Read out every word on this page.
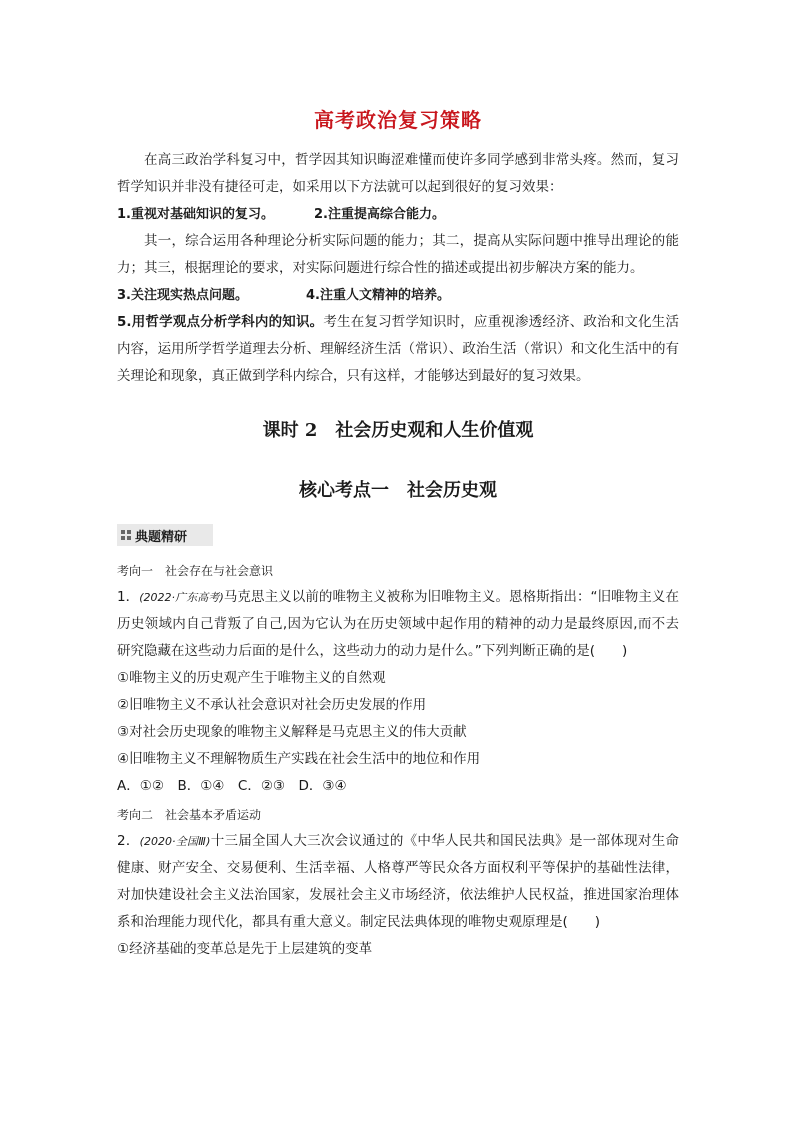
高考政治复习策略

在高三政治学科复习中，哲学因其知识晦涩难懂而使许多同学感到非常头疼。然而，复习哲学知识并非没有捷径可走，如采用以下方法就可以起到很好的复习效果：

1.重视对基础知识的复习。	2.注重提高综合能力。

其一，综合运用各种理论分析实际问题的能力；其二，提高从实际问题中推导出理论的能力；其三，根据理论的要求，对实际问题进行综合性的描述或提出初步解决方案的能力。

3.关注现实热点问题。	4.注重人文精神的培养。

5.用哲学观点分析学科内的知识。考生在复习哲学知识时，应重视渗透经济、政治和文化生活内容，运用所学哲学道理去分析、理解经济生活（常识）、政治生活（常识）和文化生活中的有关理论和现象，真正做到学科内综合，只有这样，才能够达到最好的复习效果。

课时 2　社会历史观和人生价值观
核心考点一　社会历史观
典题精研
考向一　社会存在与社会意识

1．(2022·广东高考)马克思主义以前的唯物主义被称为旧唯物主义。恩格斯指出：“旧唯物主义在历史领域内自己背叛了自己,因为它认为在历史领域中起作用的精神的动力是最终原因,而不去研究隐藏在这些动力后面的是什么，这些动力的动力是什么。”下列判断正确的是(　　)

①唯物主义的历史观产生于唯物主义的自然观

②旧唯物主义不承认社会意识对社会历史发展的作用

③对社会历史现象的唯物主义解释是马克思主义的伟大贡献

④旧唯物主义不理解物质生产实践在社会生活中的地位和作用

A．①②　B．①④　C．②③　D．③④

考向二　社会基本矛盾运动

2．(2020·全国Ⅲ)十三届全国人大三次会议通过的《中华人民共和国民法典》是一部体现对生命健康、财产安全、交易便利、生活幸福、人格尊严等民众各方面权利平等保护的基础性法律，对加快建设社会主义法治国家，发展社会主义市场经济，依法维护人民权益，推进国家治理体系和治理能力现代化，都具有重大意义。制定民法典体现的唯物史观原理是(　　)

①经济基础的变革总是先于上层建筑的变革
